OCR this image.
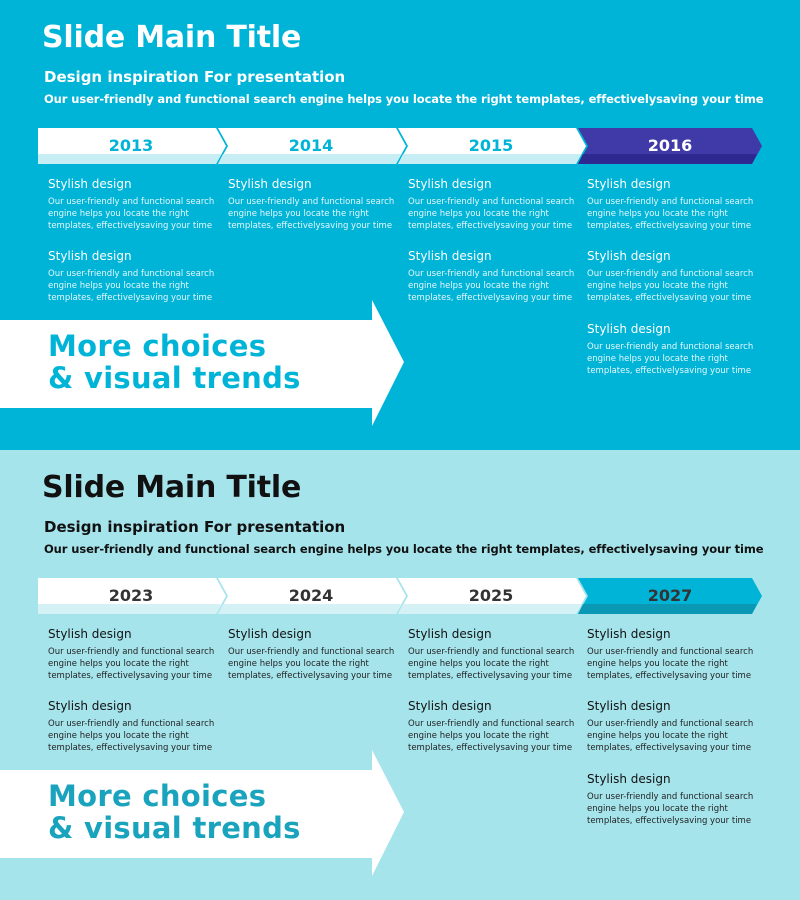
Slide Main Title
Design inspiration For presentation

Our user-friendly and functional search engine helps you locate the right templates, effectivelysaving your time

2013	2014	2015	2016

Stylish design

Our user-friendly and functional search engine helps you locate the right templates, effectivelysaving your time

Stylish design

Our user-friendly and functional search engine helps you locate the right templates, effectivelysaving your time

Stylish design

Our user-friendly and functional search engine helps you locate the right templates, effectivelysaving your time

Stylish design

Our user-friendly and functional search engine helps you locate the right templates, effectivelysaving your time

Stylish design

Our user-friendly and functional search engine helps you locate the right templates, effectivelysaving your time

Stylish design

Our user-friendly and functional search engine helps you locate the right templates, effectivelysaving your time

Stylish design

Our user-friendly and functional search engine helps you locate the right templates, effectivelysaving your time

Stylish design

Our user-friendly and functional search engine helps you locate the right templates, effectivelysaving your time

More choices
& visual trends

Slide Main Title
Design inspiration For presentation

Our user-friendly and functional search engine helps you locate the right templates, effectivelysaving your time

2023	2024	2025	2027

Stylish design

Our user-friendly and functional search engine helps you locate the right templates, effectivelysaving your time

Stylish design

Our user-friendly and functional search engine helps you locate the right templates, effectivelysaving your time

Stylish design

Our user-friendly and functional search engine helps you locate the right templates, effectivelysaving your time

Stylish design

Our user-friendly and functional search engine helps you locate the right templates, effectivelysaving your time

Stylish design

Our user-friendly and functional search engine helps you locate the right templates, effectivelysaving your time

Stylish design

Our user-friendly and functional search engine helps you locate the right templates, effectivelysaving your time

Stylish design

Our user-friendly and functional search engine helps you locate the right templates, effectivelysaving your time

Stylish design

Our user-friendly and functional search engine helps you locate the right templates, effectivelysaving your time

More choices
& visual trends
